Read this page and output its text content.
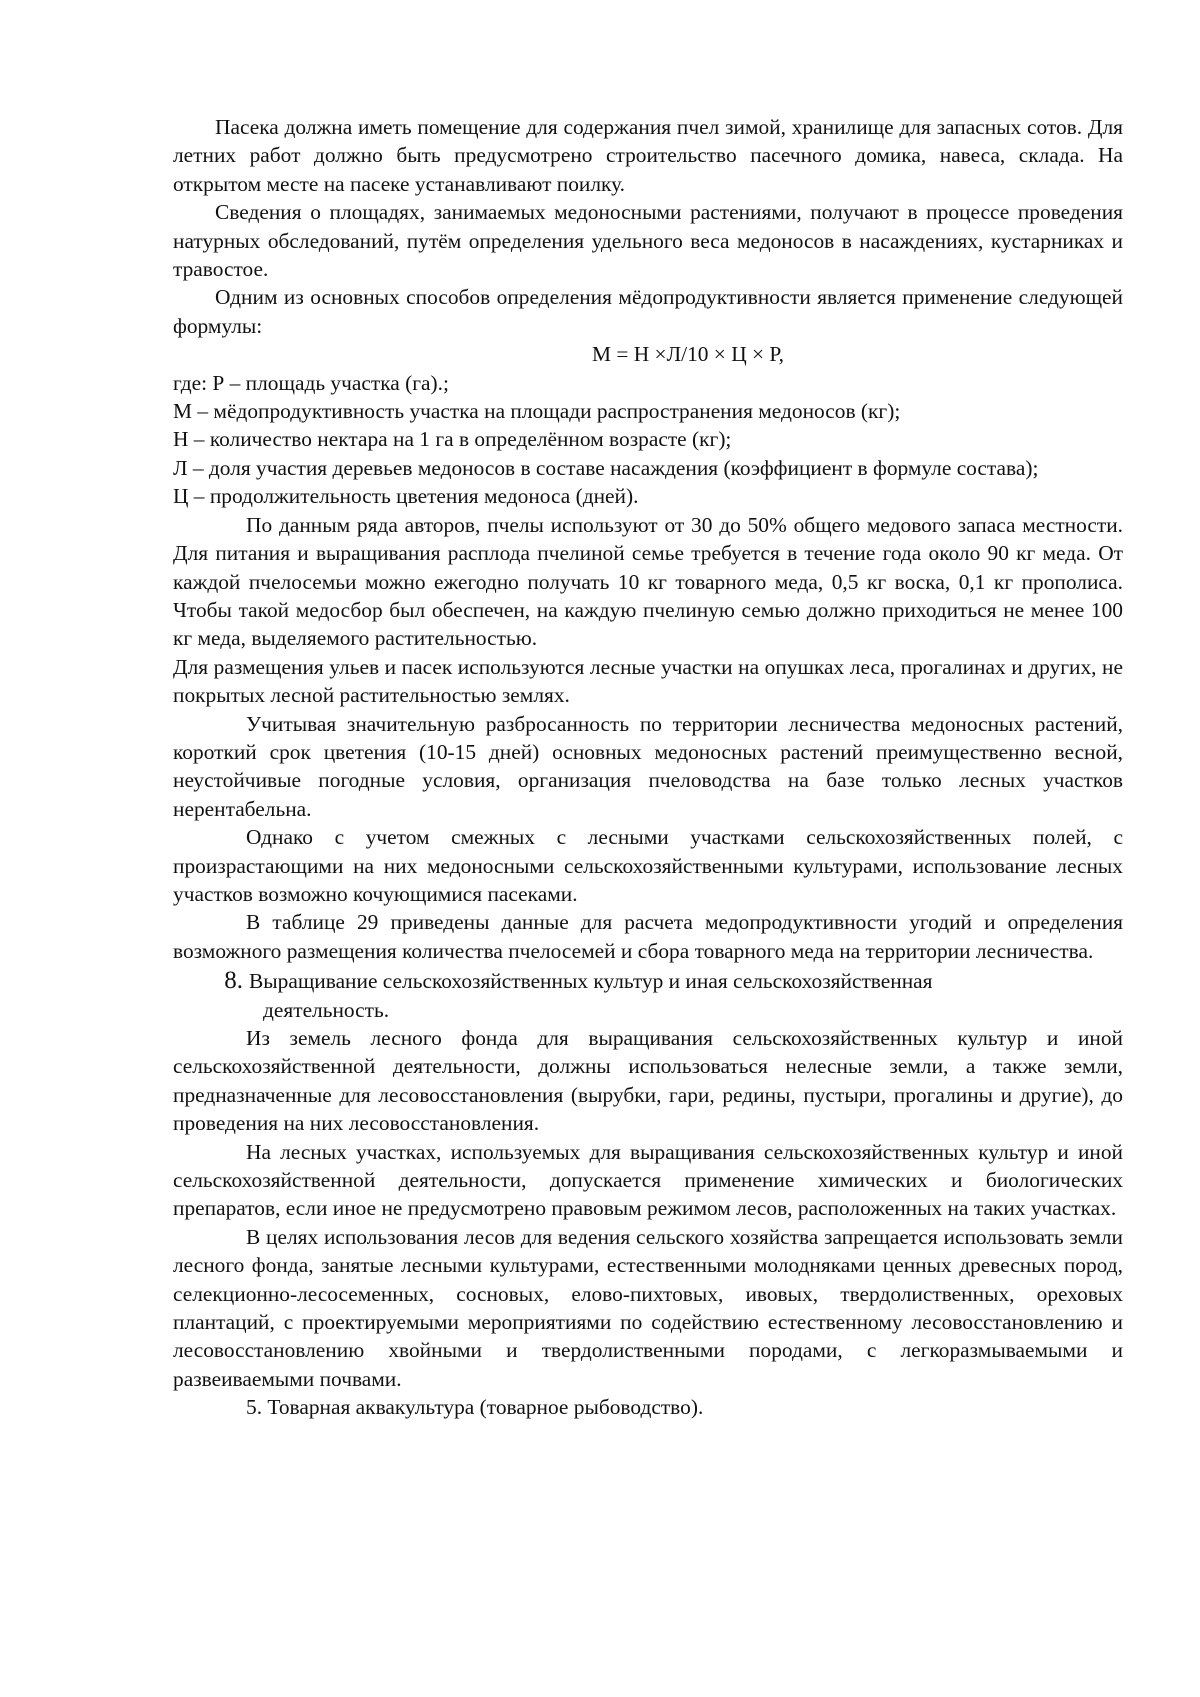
Пасека должна иметь помещение для содержания пчел зимой, хранилище для запасных сотов. Для летних работ должно быть предусмотрено строительство пасечного домика, навеса, склада. На открытом месте на пасеке устанавливают поилку.

Сведения о площадях, занимаемых медоносными растениями, получают в процессе проведения натурных обследований, путём определения удельного веса медоносов в насаждениях, кустарниках и травостое.

Одним из основных способов определения мёдопродуктивности является применение следующей формулы:

М = Н ×Л/10 × Ц × Р,

где: Р – площадь участка (га).;

М – мёдопродуктивность участка на площади распространения медоносов (кг);

Н – количество нектара на 1 га в определённом возрасте (кг);

Л – доля участия деревьев медоносов в составе насаждения (коэффициент в формуле состава);

Ц – продолжительность цветения медоноса (дней).

По данным ряда авторов, пчелы используют от 30 до 50% общего медового запаса местности. Для питания и выращивания расплода пчелиной семье требуется в течение года около 90 кг меда. От каждой пчелосемьи можно ежегодно получать 10 кг товарного меда, 0,5 кг воска, 0,1 кг прополиса. Чтобы такой медосбор был обеспечен, на каждую пчелиную семью должно приходиться не менее 100 кг меда, выделяемого растительностью.

Для размещения ульев и пасек используются лесные участки на опушках леса, прогалинах и других, не покрытых лесной растительностью землях.

Учитывая значительную разбросанность по территории лесничества медоносных растений, короткий срок цветения (10-15 дней) основных медоносных растений преимущественно весной, неустойчивые погодные условия, организация пчеловодства на базе только лесных участков нерентабельна.

Однако с учетом смежных с лесными участками сельскохозяйственных полей, с произрастающими на них медоносными сельскохозяйственными культурами, использование лесных участков возможно кочующимися пасеками.

В таблице 29 приведены данные для расчета медопродуктивности угодий и определения возможного размещения количества пчелосемей и сбора товарного меда на территории лесничества.

8. Выращивание сельскохозяйственных культур и иная сельскохозяйственная
деятельность.

Из земель лесного фонда для выращивания сельскохозяйственных культур и иной сельскохозяйственной деятельности, должны использоваться нелесные земли, а также земли, предназначенные для лесовосстановления (вырубки, гари, редины, пустыри, прогалины и другие), до проведения на них лесовосстановления.

На лесных участках, используемых для выращивания сельскохозяйственных культур и иной сельскохозяйственной деятельности, допускается применение химических и биологических препаратов, если иное не предусмотрено правовым режимом лесов, расположенных на таких участках.

В целях использования лесов для ведения сельского хозяйства запрещается использовать земли лесного фонда, занятые лесными культурами, естественными молодняками ценных древесных пород, селекционно-лесосеменных, сосновых, елово-пихтовых, ивовых, твердолиственных, ореховых плантаций, с проектируемыми мероприятиями по содействию естественному лесовосстановлению и лесовосстановлению хвойными и твердолиственными породами, с легкоразмываемыми и развеиваемыми почвами.

5. Товарная аквакультура (товарное рыбоводство).
